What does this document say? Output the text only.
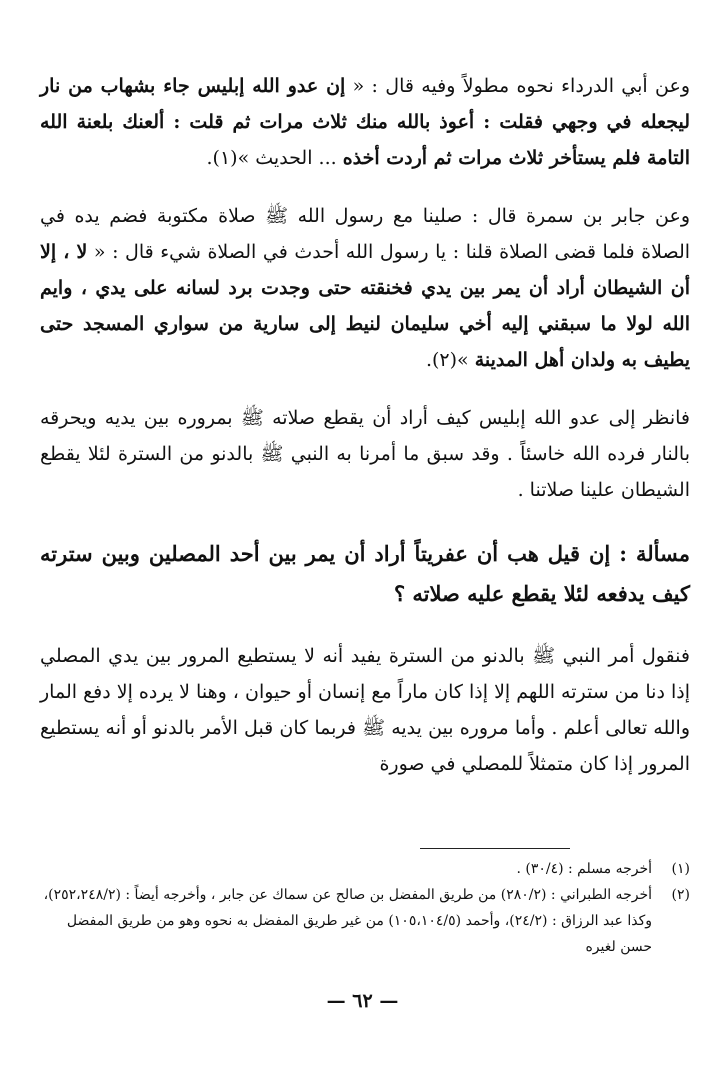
وعن أبي الدرداء نحوه مطولاً وفيه قال : « إن عدو الله إبليس جاء بشهاب من نار ليجعله في وجهي فقلت : أعوذ بالله منك ثلاث مرات ثم قلت : ألعنك بلعنة الله التامة فلم يستأخر ثلاث مرات ثم أردت أخذه ... الحديث »(١).

وعن جابر بن سمرة قال : صلينا مع رسول الله ﷺ صلاة مكتوبة فضم يده في الصلاة فلما قضى الصلاة قلنا : يا رسول الله أحدث في الصلاة شيء قال : « لا ، إلا أن الشيطان أراد أن يمر بين يدي فخنقته حتى وجدت برد لسانه على يدي ، وايم الله لولا ما سبقني إليه أخي سليمان لنيط إلى سارية من سواري المسجد حتى يطيف به ولدان أهل المدينة »(٢).

فانظر إلى عدو الله إبليس كيف أراد أن يقطع صلاته ﷺ بمروره بين يديه ويحرقه بالنار فرده الله خاسئاً . وقد سبق ما أمرنا به النبي ﷺ بالدنو من السترة لئلا يقطع الشيطان علينا صلاتنا .

مسألة : إن قيل هب أن عفريتاً أراد أن يمر بين أحد المصلين وبين سترته كيف يدفعه لئلا يقطع عليه صلاته ؟

فنقول أمر النبي ﷺ بالدنو من السترة يفيد أنه لا يستطيع المرور بين يدي المصلي إذا دنا من سترته اللهم إلا إذا كان ماراً مع إنسان أو حيوان ، وهنا لا يرده إلا دفع المار والله تعالى أعلم . وأما مروره بين يديه ﷺ فربما كان قبل الأمر بالدنو أو أنه يستطيع المرور إذا كان متمثلاً للمصلي في صورة

(١)
أخرجه مسلم : (٣٠/٤) .
(٢)
أخرجه الطبراني : (٢٨٠/٢) من طريق المفضل بن صالح عن سماك عن جابر ، وأخرجه أيضاً : (٢٥٢،٢٤٨/٢)، وكذا عبد الرزاق : (٢٤/٢)، وأحمد (١٠٥،١٠٤/٥) من غير طريق المفضل به نحوه وهو من طريق المفضل حسن لغيره
— ٦٢ —
